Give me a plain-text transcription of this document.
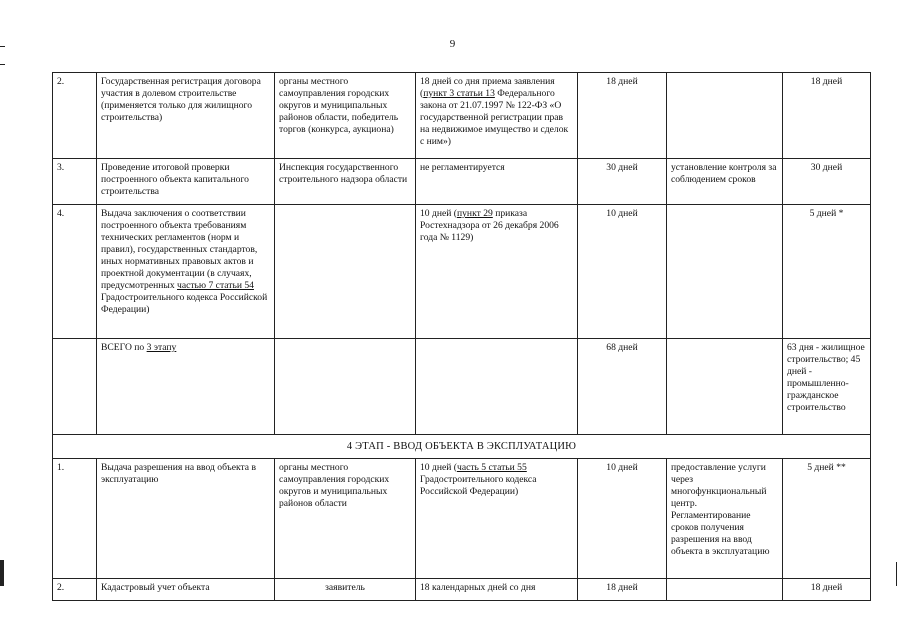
9
2.	Государственная регистрация договора участия в долевом строительстве (применяется только для жилищного строительства)	органы местного самоуправления городских округов и муниципальных районов области, победитель торгов (конкурса, аукциона)	18 дней со дня приема заявления (пункт 3 статьи 13 Федерального закона от 21.07.1997 № 122-ФЗ «О государственной регистрации прав на недвижимое имущество и сделок с ним»)	18 дней		18 дней
3.	Проведение итоговой проверки построенного объекта капитального строительства	Инспекция государственного строительного надзора области	не регламентируется	30 дней	установление контроля за соблюдением сроков	30 дней
4.	Выдача заключения о соответствии построенного объекта требованиям технических регламентов (норм и правил), государственных стандартов, иных нормативных правовых актов и проектной документации (в случаях, предусмотренных частью 7 статьи 54 Градостроительного кодекса Российской Федерации)		10 дней (пункт 29 приказа Ростехнадзора от 26 декабря 2006 года № 1129)	10 дней		5 дней *
	ВСЕГО по 3 этапу			68 дней		63 дня - жилищное строительство; 45 дней - промышленно-гражданское строительство
4 ЭТАП - ВВОД ОБЪЕКТА В ЭКСПЛУАТАЦИЮ						
1.	Выдача разрешения на ввод объекта в эксплуатацию	органы местного самоуправления городских округов и муниципальных районов области	10 дней (часть 5 статьи 55 Градостроительного кодекса Российской Федерации)	10 дней	предоставление услуги через многофункциональный центр. Регламентирование сроков получения разрешения на ввод объекта в эксплуатацию	5 дней **
2.	Кадастровый учет объекта	заявитель	18 календарных дней со дня	18 дней		18 дней
